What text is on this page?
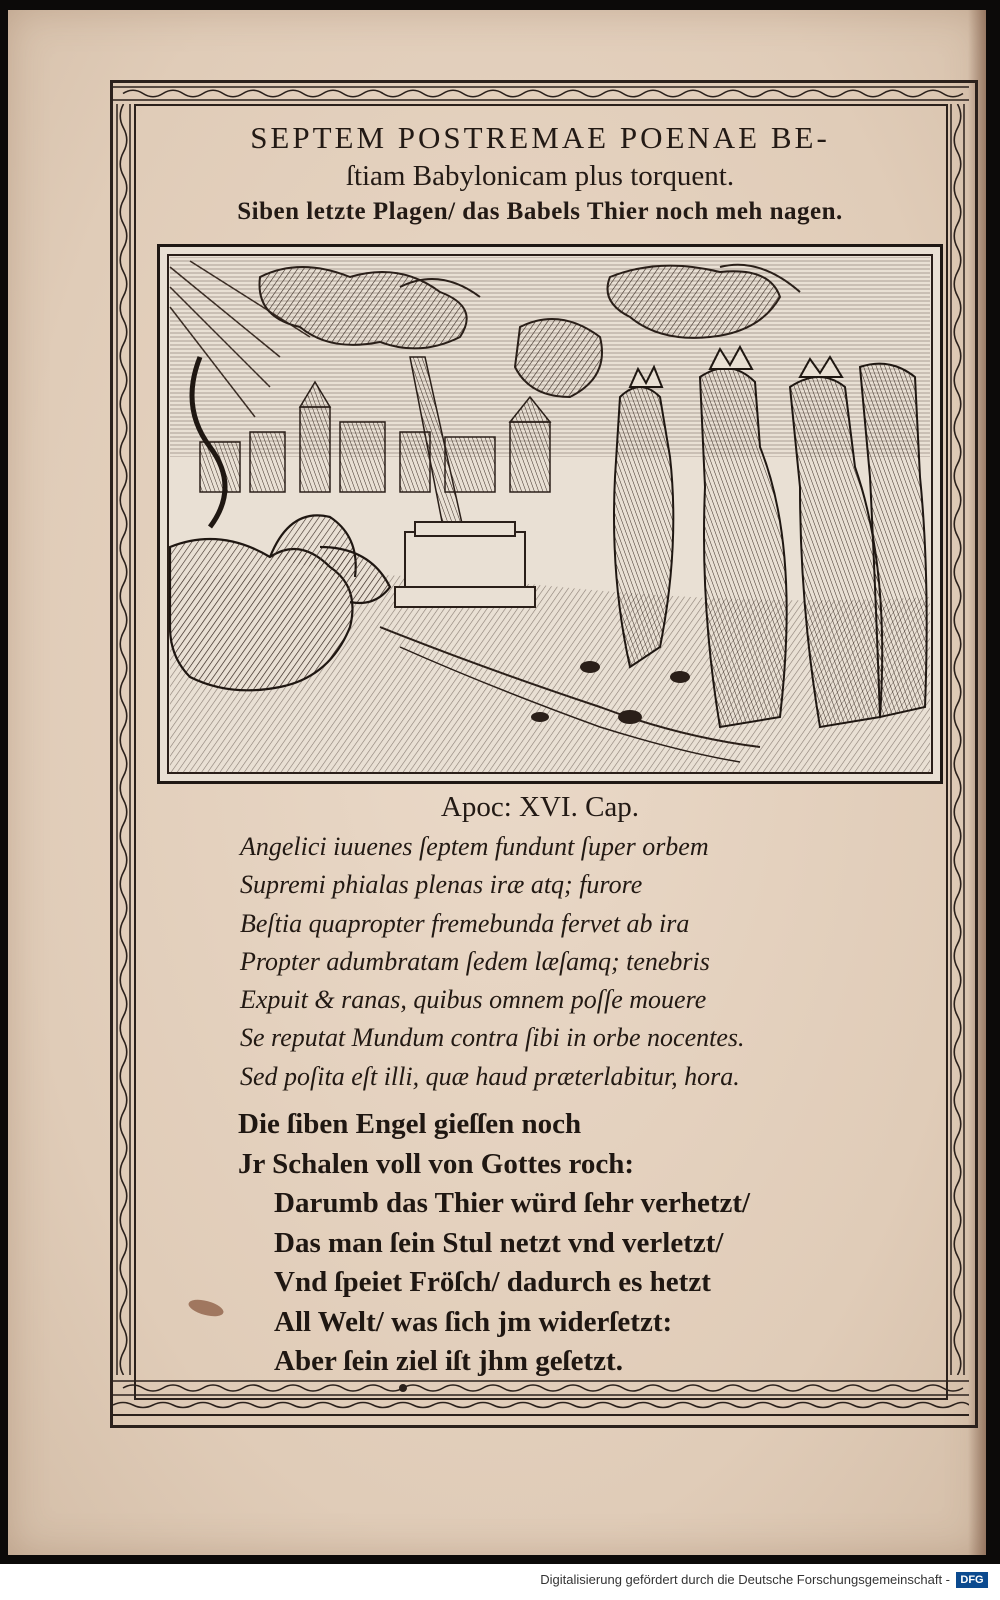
SEPTEM POSTREMAE POENAE BE-
ſtiam Babylonicam plus torquent.
Siben letzte Plagen/ das Babels Thier noch meh nagen.
Apoc: XVI. Cap.
Angelici iuuenes ſeptem fundunt ſuper orbem
Supremi phialas plenas iræ atq; furore
Beſtia quapropter fremebunda fervet ab ira
Propter adumbratam ſedem læſamq; tenebris
Expuit & ranas, quibus omnem poſſe mouere
Se reputat Mundum contra ſibi in orbe nocentes.
Sed poſita eſt illi, quæ haud præterlabitur, hora.
Die ſiben Engel gieſſen noch
Jr Schalen voll von Gottes roch:
Darumb das Thier würd ſehr verhetzt/
Das man ſein Stul netzt vnd verletzt/
Vnd ſpeiet Fröſch/ dadurch es hetzt
All Welt/ was ſich jm widerſetzt:
Aber ſein ziel iſt jhm geſetzt.
Digitalisierung gefördert durch die Deutsche Forschungsgemeinschaft - DFG
